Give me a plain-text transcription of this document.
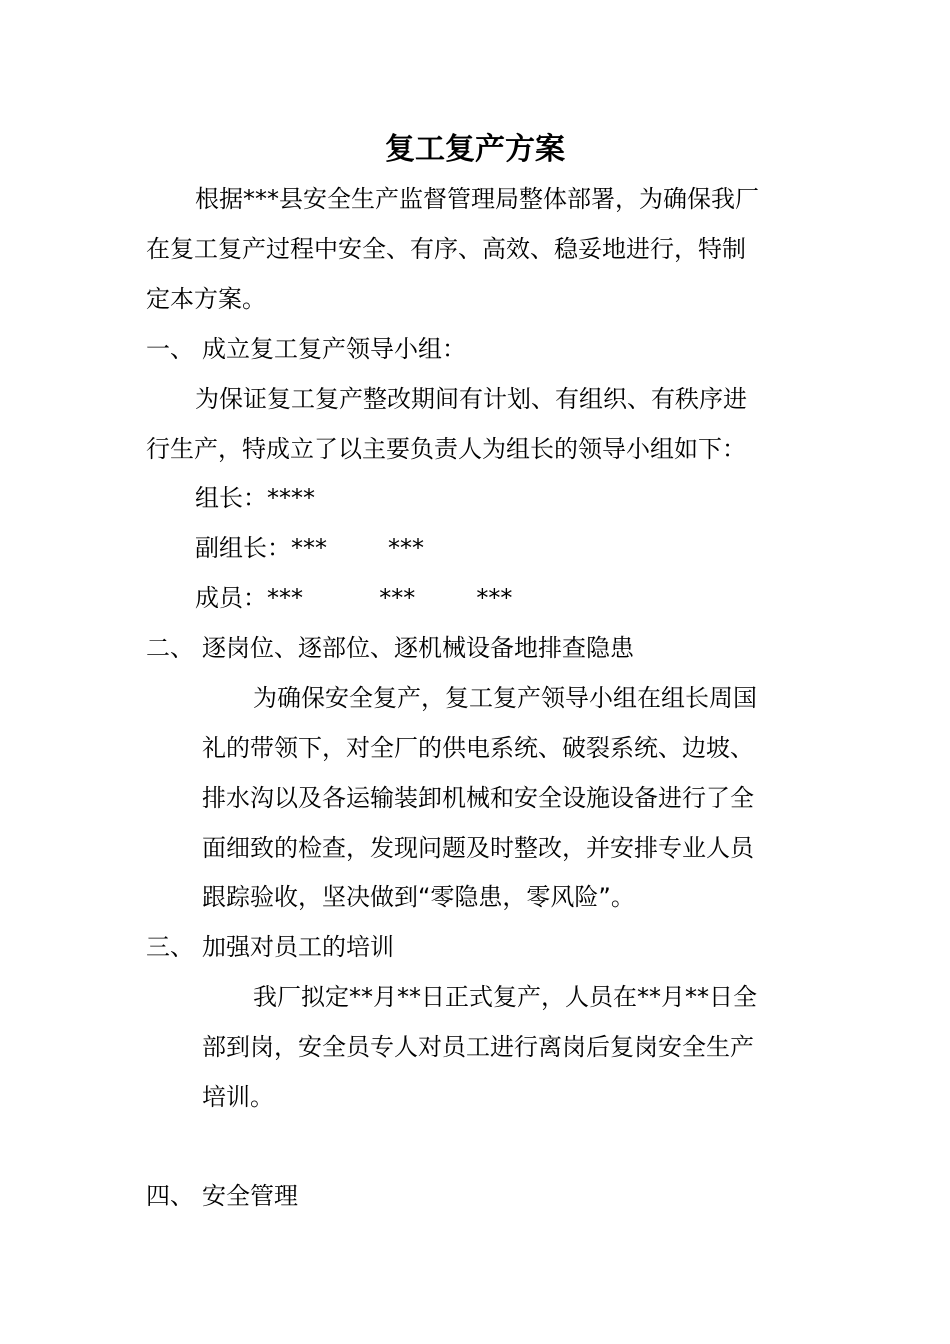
复工复产方案
根据***县安全生产监督管理局整体部署，为确保我厂
在复工复产过程中安全、有序、高效、稳妥地进行，特制
定本方案。
一、 成立复工复产领导小组：
为保证复工复产整改期间有计划、有组织、有秩序进
行生产，特成立了以主要负责人为组长的领导小组如下：
组长：****
副组长：***        ***
成员：***          ***        ***
二、 逐岗位、逐部位、逐机械设备地排查隐患
为确保安全复产，复工复产领导小组在组长周国
礼的带领下，对全厂的供电系统、破裂系统、边坡、
排水沟以及各运输装卸机械和安全设施设备进行了全
面细致的检查，发现问题及时整改，并安排专业人员
跟踪验收，坚决做到“零隐患，零风险”。
三、 加强对员工的培训
我厂拟定**月**日正式复产，人员在**月**日全
部到岗，安全员专人对员工进行离岗后复岗安全生产
培训。
四、 安全管理
